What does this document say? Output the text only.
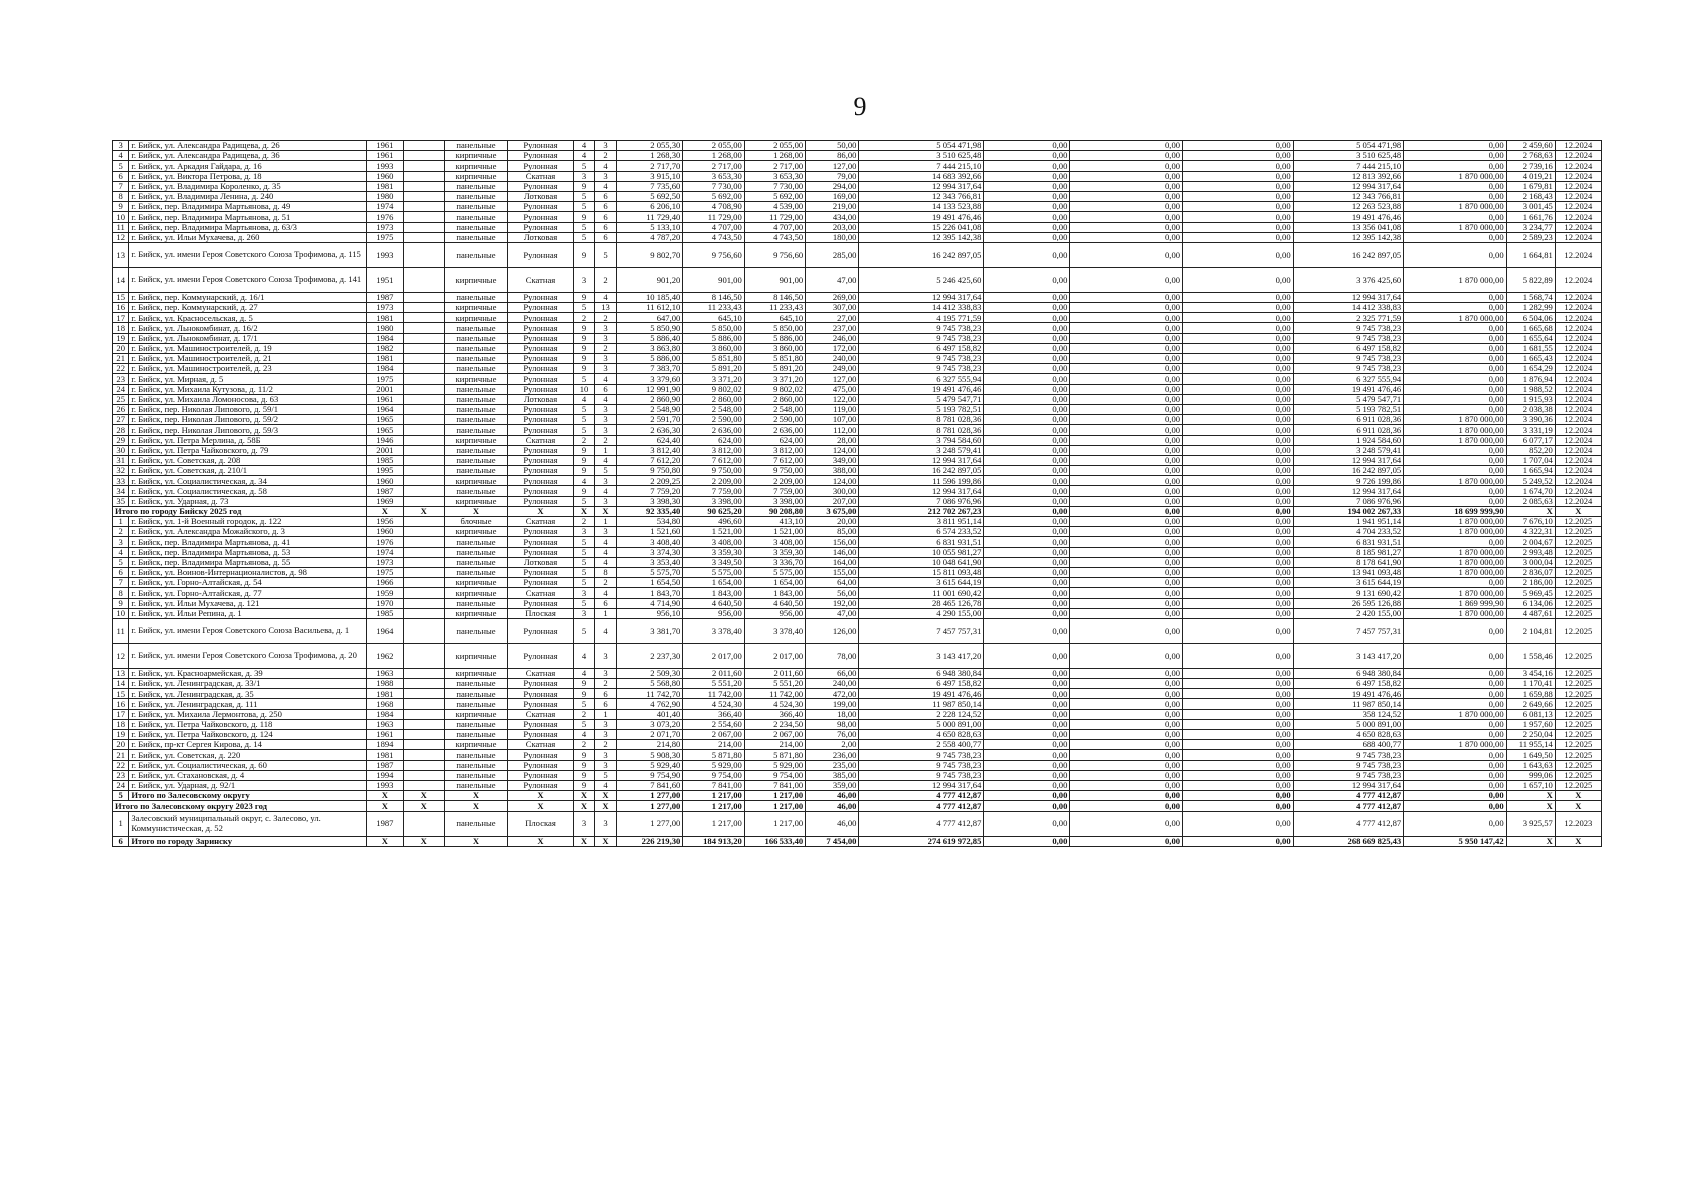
9
3	г. Бийск, ул. Александра Радищева, д. 26	1961		панельные	Рулонная	4	3	2 055,30	2 055,00	2 055,00	50,00	5 054 471,98	0,00	0,00	0,00	5 054 471,98	0,00	2 459,60	12.2024
4	г. Бийск, ул. Александра Радищева, д. 36	1961		кирпичные	Рулонная	4	2	1 268,30	1 268,00	1 268,00	86,00	3 510 625,48	0,00	0,00	0,00	3 510 625,48	0,00	2 768,63	12.2024
5	г. Бийск, ул. Аркадия Гайдара, д. 16	1993		кирпичные	Рулонная	5	4	2 717,70	2 717,00	2 717,00	127,00	7 444 215,10	0,00	0,00	0,00	7 444 215,10	0,00	2 739,16	12.2024
6	г. Бийск, ул. Виктора Петрова, д. 18	1960		кирпичные	Скатная	3	3	3 915,10	3 653,30	3 653,30	79,00	14 683 392,66	0,00	0,00	0,00	12 813 392,66	1 870 000,00	4 019,21	12.2024
7	г. Бийск, ул. Владимира Короленко, д. 35	1981		панельные	Рулонная	9	4	7 735,60	7 730,00	7 730,00	294,00	12 994 317,64	0,00	0,00	0,00	12 994 317,64	0,00	1 679,81	12.2024
8	г. Бийск, ул. Владимира Ленина, д. 240	1980		панельные	Лотковая	5	6	5 692,50	5 692,00	5 692,00	169,00	12 343 766,81	0,00	0,00	0,00	12 343 766,81	0,00	2 168,43	12.2024
9	г. Бийск, пер. Владимира Мартьянова, д. 49	1974		панельные	Рулонная	5	6	6 206,10	4 708,90	4 539,00	219,00	14 133 523,88	0,00	0,00	0,00	12 263 523,88	1 870 000,00	3 001,45	12.2024
10	г. Бийск, пер. Владимира Мартьянова, д. 51	1976		панельные	Рулонная	9	6	11 729,40	11 729,00	11 729,00	434,00	19 491 476,46	0,00	0,00	0,00	19 491 476,46	0,00	1 661,76	12.2024
11	г. Бийск, пер. Владимира Мартьянова, д. 63/3	1973		панельные	Рулонная	5	6	5 133,10	4 707,00	4 707,00	203,00	15 226 041,08	0,00	0,00	0,00	13 356 041,08	1 870 000,00	3 234,77	12.2024
12	г. Бийск, ул. Ильи Мухачева, д. 260	1975		панельные	Лотковая	5	6	4 787,20	4 743,50	4 743,50	180,00	12 395 142,38	0,00	0,00	0,00	12 395 142,38	0,00	2 589,23	12.2024
13	г. Бийск, ул. имени Героя Советского Союза Трофимова, д. 115	1993		панельные	Рулонная	9	5	9 802,70	9 756,60	9 756,60	285,00	16 242 897,05	0,00	0,00	0,00	16 242 897,05	0,00	1 664,81	12.2024
14	г. Бийск, ул. имени Героя Советского Союза Трофимова, д. 141	1951		кирпичные	Скатная	3	2	901,20	901,00	901,00	47,00	5 246 425,60	0,00	0,00	0,00	3 376 425,60	1 870 000,00	5 822,89	12.2024
15	г. Бийск, пер. Коммунарский, д. 16/1	1987		панельные	Рулонная	9	4	10 185,40	8 146,50	8 146,50	269,00	12 994 317,64	0,00	0,00	0,00	12 994 317,64	0,00	1 568,74	12.2024
16	г. Бийск, пер. Коммунарский, д. 27	1973		кирпичные	Рулонная	5	13	11 612,10	11 233,43	11 233,43	307,00	14 412 338,83	0,00	0,00	0,00	14 412 338,83	0,00	1 282,99	12.2024
17	г. Бийск, ул. Красносельская, д. 5	1981		кирпичные	Рулонная	2	2	647,00	645,10	645,10	27,00	4 195 771,59	0,00	0,00	0,00	2 325 771,59	1 870 000,00	6 504,06	12.2024
18	г. Бийск, ул. Льнокомбинат, д. 16/2	1980		панельные	Рулонная	9	3	5 850,90	5 850,00	5 850,00	237,00	9 745 738,23	0,00	0,00	0,00	9 745 738,23	0,00	1 665,68	12.2024
19	г. Бийск, ул. Льнокомбинат, д. 17/1	1984		панельные	Рулонная	9	3	5 886,40	5 886,00	5 886,00	246,00	9 745 738,23	0,00	0,00	0,00	9 745 738,23	0,00	1 655,64	12.2024
20	г. Бийск, ул. Машиностроителей, д. 19	1982		панельные	Рулонная	9	2	3 863,80	3 860,00	3 860,00	172,00	6 497 158,82	0,00	0,00	0,00	6 497 158,82	0,00	1 681,55	12.2024
21	г. Бийск, ул. Машиностроителей, д. 21	1981		панельные	Рулонная	9	3	5 886,00	5 851,80	5 851,80	240,00	9 745 738,23	0,00	0,00	0,00	9 745 738,23	0,00	1 665,43	12.2024
22	г. Бийск, ул. Машиностроителей, д. 23	1984		панельные	Рулонная	9	3	7 383,70	5 891,20	5 891,20	249,00	9 745 738,23	0,00	0,00	0,00	9 745 738,23	0,00	1 654,29	12.2024
23	г. Бийск, ул. Мирная, д. 5	1975		кирпичные	Рулонная	5	4	3 379,60	3 371,20	3 371,20	127,00	6 327 555,94	0,00	0,00	0,00	6 327 555,94	0,00	1 876,94	12.2024
24	г. Бийск, ул. Михаила Кутузова, д. 11/2	2001		панельные	Рулонная	10	6	12 991,90	9 802,02	9 802,02	475,00	19 491 476,46	0,00	0,00	0,00	19 491 476,46	0,00	1 988,52	12.2024
25	г. Бийск, ул. Михаила Ломоносова, д. 63	1961		панельные	Лотковая	4	4	2 860,90	2 860,00	2 860,00	122,00	5 479 547,71	0,00	0,00	0,00	5 479 547,71	0,00	1 915,93	12.2024
26	г. Бийск, пер. Николая Липового, д. 59/1	1964		панельные	Рулонная	5	3	2 548,90	2 548,00	2 548,00	119,00	5 193 782,51	0,00	0,00	0,00	5 193 782,51	0,00	2 038,38	12.2024
27	г. Бийск, пер. Николая Липового, д. 59/2	1965		панельные	Рулонная	5	3	2 591,70	2 590,00	2 590,00	107,00	8 781 028,36	0,00	0,00	0,00	6 911 028,36	1 870 000,00	3 390,36	12.2024
28	г. Бийск, пер. Николая Липового, д. 59/3	1965		панельные	Рулонная	5	3	2 636,30	2 636,00	2 636,00	112,00	8 781 028,36	0,00	0,00	0,00	6 911 028,36	1 870 000,00	3 331,19	12.2024
29	г. Бийск, ул. Петра Мерлина, д. 58Б	1946		кирпичные	Скатная	2	2	624,40	624,00	624,00	28,00	3 794 584,60	0,00	0,00	0,00	1 924 584,60	1 870 000,00	6 077,17	12.2024
30	г. Бийск, ул. Петра Чайковского, д. 79	2001		панельные	Рулонная	9	1	3 812,40	3 812,00	3 812,00	124,00	3 248 579,41	0,00	0,00	0,00	3 248 579,41	0,00	852,20	12.2024
31	г. Бийск, ул. Советская, д. 208	1985		панельные	Рулонная	9	4	7 612,20	7 612,00	7 612,00	349,00	12 994 317,64	0,00	0,00	0,00	12 994 317,64	0,00	1 707,04	12.2024
32	г. Бийск, ул. Советская, д. 210/1	1995		панельные	Рулонная	9	5	9 750,80	9 750,00	9 750,00	388,00	16 242 897,05	0,00	0,00	0,00	16 242 897,05	0,00	1 665,94	12.2024
33	г. Бийск, ул. Социалистическая, д. 34	1960		кирпичные	Рулонная	4	3	2 209,25	2 209,00	2 209,00	124,00	11 596 199,86	0,00	0,00	0,00	9 726 199,86	1 870 000,00	5 249,52	12.2024
34	г. Бийск, ул. Социалистическая, д. 58	1987		панельные	Рулонная	9	4	7 759,20	7 759,00	7 759,00	300,00	12 994 317,64	0,00	0,00	0,00	12 994 317,64	0,00	1 674,70	12.2024
35	г. Бийск, ул. Ударная, д. 73	1969		кирпичные	Рулонная	5	3	3 398,30	3 398,00	3 398,00	207,00	7 086 976,96	0,00	0,00	0,00	7 086 976,96	0,00	2 085,63	12.2024
Итого по городу Бийску 2025 год		X	X	X	X	X	X	92 335,40	90 625,20	90 208,80	3 675,00	212 702 267,23	0,00	0,00	0,00	194 002 267,33	18 699 999,90	X	X
1	г. Бийск, ул. 1-й Военный городок, д. 122	1956		блочные	Скатная	2	1	534,80	496,60	413,10	20,00	3 811 951,14	0,00	0,00	0,00	1 941 951,14	1 870 000,00	7 676,10	12.2025
2	г. Бийск, ул. Александра Можайского, д. 3	1960		кирпичные	Рулонная	3	3	1 521,60	1 521,00	1 521,00	85,00	6 574 233,52	0,00	0,00	0,00	4 704 233,52	1 870 000,00	4 322,31	12.2025
3	г. Бийск, пер. Владимира Мартьянова, д. 41	1976		панельные	Рулонная	5	4	3 408,40	3 408,00	3 408,00	156,00	6 831 931,51	0,00	0,00	0,00	6 831 931,51	0,00	2 004,67	12.2025
4	г. Бийск, пер. Владимира Мартьянова, д. 53	1974		панельные	Рулонная	5	4	3 374,30	3 359,30	3 359,30	146,00	10 055 981,27	0,00	0,00	0,00	8 185 981,27	1 870 000,00	2 993,48	12.2025
5	г. Бийск, пер. Владимира Мартьянова, д. 55	1973		панельные	Лотковая	5	4	3 353,40	3 349,50	3 336,70	164,00	10 048 641,90	0,00	0,00	0,00	8 178 641,90	1 870 000,00	3 000,04	12.2025
6	г. Бийск, ул. Воинов-Интернационалистов, д. 98	1975		панельные	Рулонная	5	8	5 575,70	5 575,00	5 575,00	155,00	15 811 093,48	0,00	0,00	0,00	13 941 093,48	1 870 000,00	2 836,07	12.2025
7	г. Бийск, ул. Горно-Алтайская, д. 54	1966		кирпичные	Рулонная	5	2	1 654,50	1 654,00	1 654,00	64,00	3 615 644,19	0,00	0,00	0,00	3 615 644,19	0,00	2 186,00	12.2025
8	г. Бийск, ул. Горно-Алтайская, д. 77	1959		кирпичные	Скатная	3	4	1 843,70	1 843,00	1 843,00	56,00	11 001 690,42	0,00	0,00	0,00	9 131 690,42	1 870 000,00	5 969,45	12.2025
9	г. Бийск, ул. Ильи Мухачева, д. 121	1970		панельные	Рулонная	5	6	4 714,90	4 640,50	4 640,50	192,00	28 465 126,78	0,00	0,00	0,00	26 595 126,88	1 869 999,90	6 134,06	12.2025
10	г. Бийск, ул. Ильи Репина, д. 1	1985		кирпичные	Плоская	3	1	956,10	956,00	956,00	47,00	4 290 155,00	0,00	0,00	0,00	2 420 155,00	1 870 000,00	4 487,61	12.2025
11	г. Бийск, ул. имени Героя Советского Союза Васильева, д. 1	1964		панельные	Рулонная	5	4	3 381,70	3 378,40	3 378,40	126,00	7 457 757,31	0,00	0,00	0,00	7 457 757,31	0,00	2 104,81	12.2025
12	г. Бийск, ул. имени Героя Советского Союза Трофимова, д. 20	1962		кирпичные	Рулонная	4	3	2 237,30	2 017,00	2 017,00	78,00	3 143 417,20	0,00	0,00	0,00	3 143 417,20	0,00	1 558,46	12.2025
13	г. Бийск, ул. Красноармейская, д. 39	1963		кирпичные	Скатная	4	3	2 509,30	2 011,60	2 011,60	66,00	6 948 380,84	0,00	0,00	0,00	6 948 380,84	0,00	3 454,16	12.2025
14	г. Бийск, ул. Ленинградская, д. 33/1	1988		панельные	Рулонная	9	2	5 568,80	5 551,20	5 551,20	240,00	6 497 158,82	0,00	0,00	0,00	6 497 158,82	0,00	1 170,41	12.2025
15	г. Бийск, ул. Ленинградская, д. 35	1981		панельные	Рулонная	9	6	11 742,70	11 742,00	11 742,00	472,00	19 491 476,46	0,00	0,00	0,00	19 491 476,46	0,00	1 659,88	12.2025
16	г. Бийск, ул. Ленинградская, д. 111	1968		панельные	Рулонная	5	6	4 762,90	4 524,30	4 524,30	199,00	11 987 850,14	0,00	0,00	0,00	11 987 850,14	0,00	2 649,66	12.2025
17	г. Бийск, ул. Михаила Лермонтова, д. 250	1984		кирпичные	Скатная	2	1	401,40	366,40	366,40	18,00	2 228 124,52	0,00	0,00	0,00	358 124,52	1 870 000,00	6 081,13	12.2025
18	г. Бийск, ул. Петра Чайковского, д. 118	1963		панельные	Рулонная	5	3	3 073,20	2 554,60	2 234,50	98,00	5 000 891,00	0,00	0,00	0,00	5 000 891,00	0,00	1 957,60	12.2025
19	г. Бийск, ул. Петра Чайковского, д. 124	1961		панельные	Рулонная	4	3	2 071,70	2 067,00	2 067,00	76,00	4 650 828,63	0,00	0,00	0,00	4 650 828,63	0,00	2 250,04	12.2025
20	г. Бийск, пр-кт Сергея Кирова, д. 14	1894		кирпичные	Скатная	2	2	214,80	214,00	214,00	2,00	2 558 400,77	0,00	0,00	0,00	688 400,77	1 870 000,00	11 955,14	12.2025
21	г. Бийск, ул. Советская, д. 220	1981		панельные	Рулонная	9	3	5 908,30	5 871,80	5 871,80	236,00	9 745 738,23	0,00	0,00	0,00	9 745 738,23	0,00	1 649,50	12.2025
22	г. Бийск, ул. Социалистическая, д. 60	1987		панельные	Рулонная	9	3	5 929,40	5 929,00	5 929,00	235,00	9 745 738,23	0,00	0,00	0,00	9 745 738,23	0,00	1 643,63	12.2025
23	г. Бийск, ул. Стахановская, д. 4	1994		панельные	Рулонная	9	5	9 754,90	9 754,00	9 754,00	385,00	9 745 738,23	0,00	0,00	0,00	9 745 738,23	0,00	999,06	12.2025
24	г. Бийск, ул. Ударная, д. 92/1	1993		панельные	Рулонная	9	4	7 841,60	7 841,00	7 841,00	359,00	12 994 317,64	0,00	0,00	0,00	12 994 317,64	0,00	1 657,10	12.2025
5	Итого по Залесовскому округу	X	X	X	X	X	X	1 277,00	1 217,00	1 217,00	46,00	4 777 412,87	0,00	0,00	0,00	4 777 412,87	0,00	X	X
Итого по Залесовскому округу 2023 год		X	X	X	X	X	X	1 277,00	1 217,00	1 217,00	46,00	4 777 412,87	0,00	0,00	0,00	4 777 412,87	0,00	X	X
1	Залесовский муниципальный округ, с. Залесово, ул. Коммунистическая, д. 52	1987		панельные	Плоская	3	3	1 277,00	1 217,00	1 217,00	46,00	4 777 412,87	0,00	0,00	0,00	4 777 412,87	0,00	3 925,57	12.2023
6	Итого по городу Заринску	X	X	X	X	X	X	226 219,30	184 913,20	166 533,40	7 454,00	274 619 972,85	0,00	0,00	0,00	268 669 825,43	5 950 147,42	X	X
